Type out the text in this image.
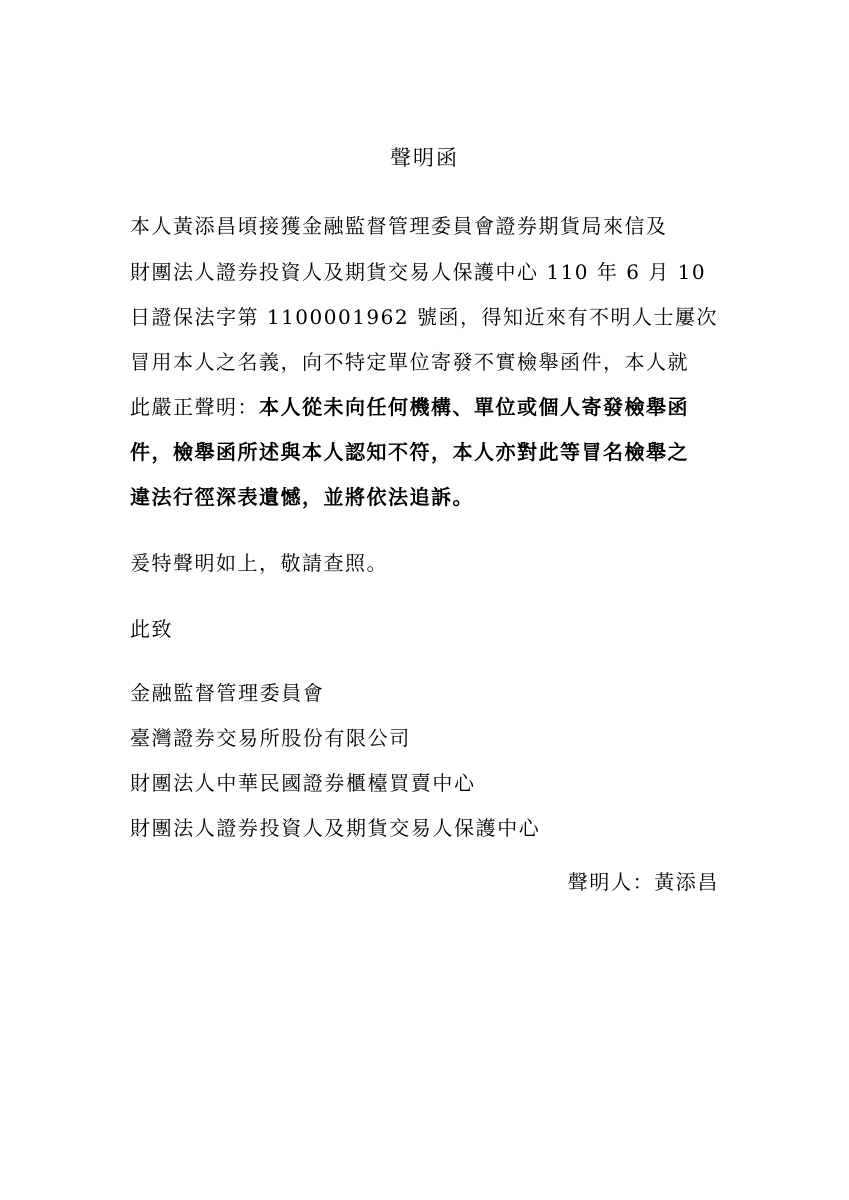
聲明函
本人黃添昌頃接獲金融監督管理委員會證券期貨局來信及
財團法人證券投資人及期貨交易人保護中心 110 年 6 月 10
日證保法字第 1100001962 號函，得知近來有不明人士屢次
冒用本人之名義，向不特定單位寄發不實檢舉函件，本人就
此嚴正聲明：本人從未向任何機構、單位或個人寄發檢舉函
件，檢舉函所述與本人認知不符，本人亦對此等冒名檢舉之
違法行徑深表遺憾，並將依法追訴。
爰特聲明如上，敬請查照。
此致
金融監督管理委員會
臺灣證券交易所股份有限公司
財團法人中華民國證券櫃檯買賣中心
財團法人證券投資人及期貨交易人保護中心
聲明人：黃添昌
